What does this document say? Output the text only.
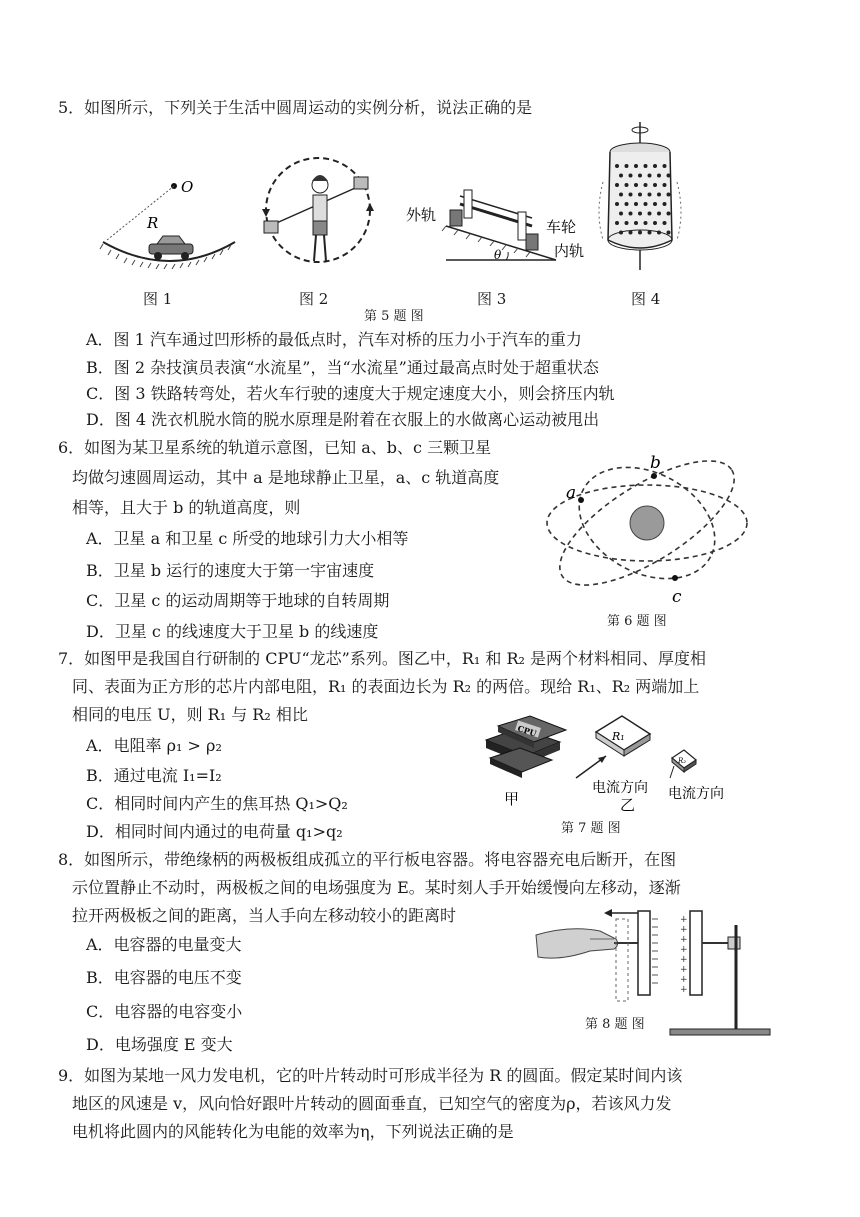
5．如图所示，下列关于生活中圆周运动的实例分析，说法正确的是
O
R
图 1	图 2
外轨
车轮
内轨
θ
图 3	图 4
第 5 题 图
A．图 1 汽车通过凹形桥的最低点时，汽车对桥的压力小于汽车的重力
B．图 2 杂技演员表演“水流星”，当“水流星”通过最高点时处于超重状态
C．图 3 铁路转弯处，若火车行驶的速度大于规定速度大小，则会挤压内轨
D．图 4 洗衣机脱水筒的脱水原理是附着在衣服上的水做离心运动被甩出
6．如图为某卫星系统的轨道示意图，已知 a、b、c 三颗卫星
均做匀速圆周运动，其中 a 是地球静止卫星，a、c 轨道高度
相等，且大于 b 的轨道高度，则
A．卫星 a 和卫星 c 所受的地球引力大小相等
B．卫星 b 运行的速度大于第一宇宙速度
C．卫星 c 的运动周期等于地球的自转周期
D．卫星 c 的线速度大于卫星 b 的线速度
a
b
c
第 6 题 图
7．如图甲是我国自行研制的 CPU“龙芯”系列。图乙中，R₁ 和 R₂ 是两个材料相同、厚度相
同、表面为正方形的芯片内部电阻，R₁ 的表面边长为 R₂ 的两倍。现给 R₁、R₂ 两端加上
相同的电压 U，则 R₁ 与 R₂ 相比
A．电阻率 ρ₁ > ρ₂
B．通过电流 I₁=I₂
C．相同时间内产生的焦耳热 Q₁>Q₂
D．相同时间内通过的电荷量 q₁>q₂
CPU
甲
R₁
电流方向
乙
R₂
电流方向
第 7 题 图
8．如图所示，带绝缘柄的两极板组成孤立的平行板电容器。将电容器充电后断开，在图
示位置静止不动时，两极板之间的电场强度为 E。某时刻人手开始缓慢向左移动，逐渐
拉开两极板之间的距离，当人手向左移动较小的距离时
A．电容器的电量变大
B．电容器的电压不变
C．电容器的电容变小
D．电场强度 E 变大
+
+
+
+
+
+
+
+
第 8 题 图
9．如图为某地一风力发电机，它的叶片转动时可形成半径为 R 的圆面。假定某时间内该
地区的风速是 v，风向恰好跟叶片转动的圆面垂直，已知空气的密度为ρ，若该风力发
电机将此圆内的风能转化为电能的效率为η，下列说法正确的是
